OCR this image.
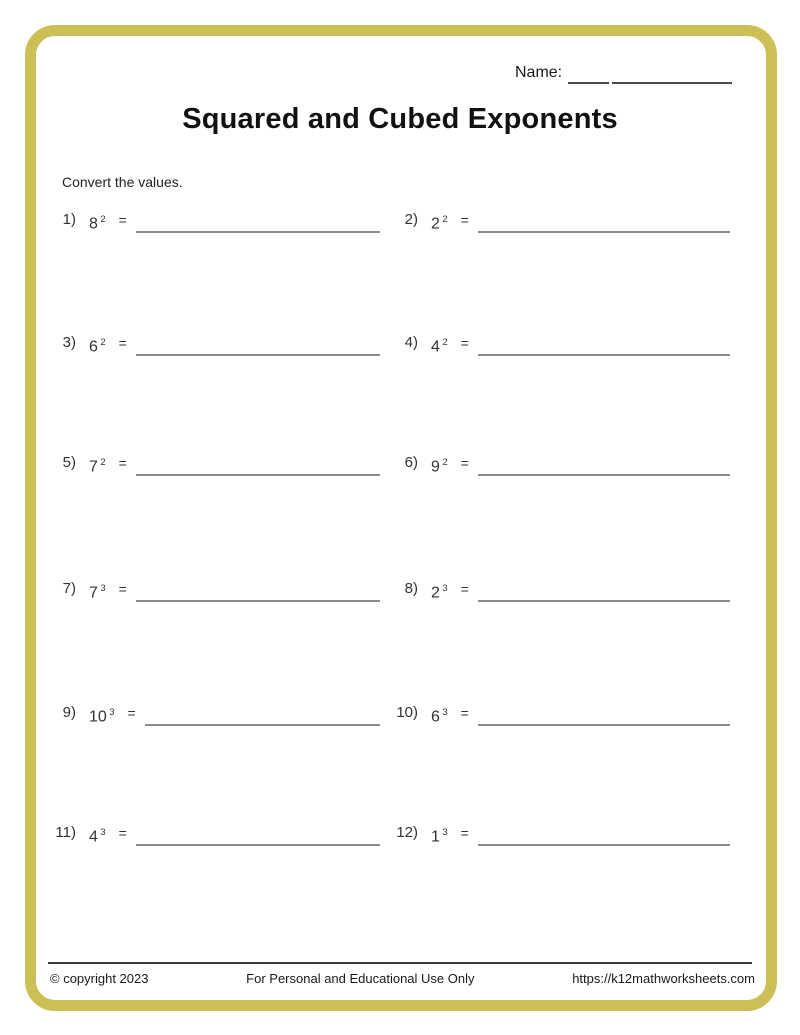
Name:
Squared and Cubed Exponents
Convert the values.
1) 8 $^2$ =	2) 2 $^2$ =
3) 6 $^2$ =	4) 4 $^2$ =
5) 7 $^2$ =	6) 9 $^2$ =
7) 7 $^3$ =	8) 2 $^3$ =
9) 10 $^3$ =	10) 6 $^3$ =
11) 4 $^3$ =	12) 1 $^3$ =
© copyright 2023	For Personal and Educational Use Only	https://k12mathworksheets.com
